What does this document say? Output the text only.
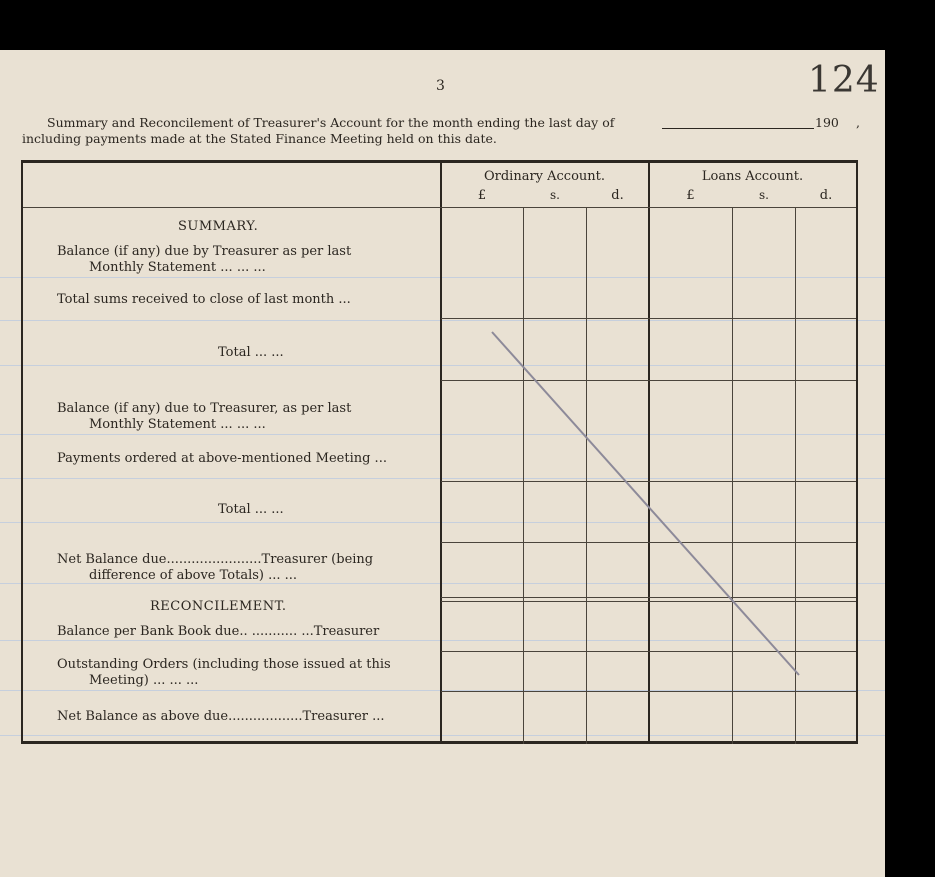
3	124
Summary and Reconcilement of Treasurer's Account for the month ending the last day of	190 ,
including payments made at the Stated Finance Meeting held on this date.
Ordinary Account.	Loans Account.
£	s.	d.	£	s.	d.
SUMMARY.
Balance (if any) due by Treasurer as per last
Monthly Statement ... ... ...
Total sums received to close of last month ...
Total ... ...
Balance (if any) due to Treasurer, as per last
Monthly Statement ... ... ...
Payments ordered at above-mentioned Meeting ...
Total ... ...
Net Balance due.......................Treasurer (being
difference of above Totals) ... ...
RECONCILEMENT.
Balance per Bank Book due.. ........... ...Treasurer
Outstanding Orders (including those issued at this
Meeting) ... ... ...
Net Balance as above due..................Treasurer ...
